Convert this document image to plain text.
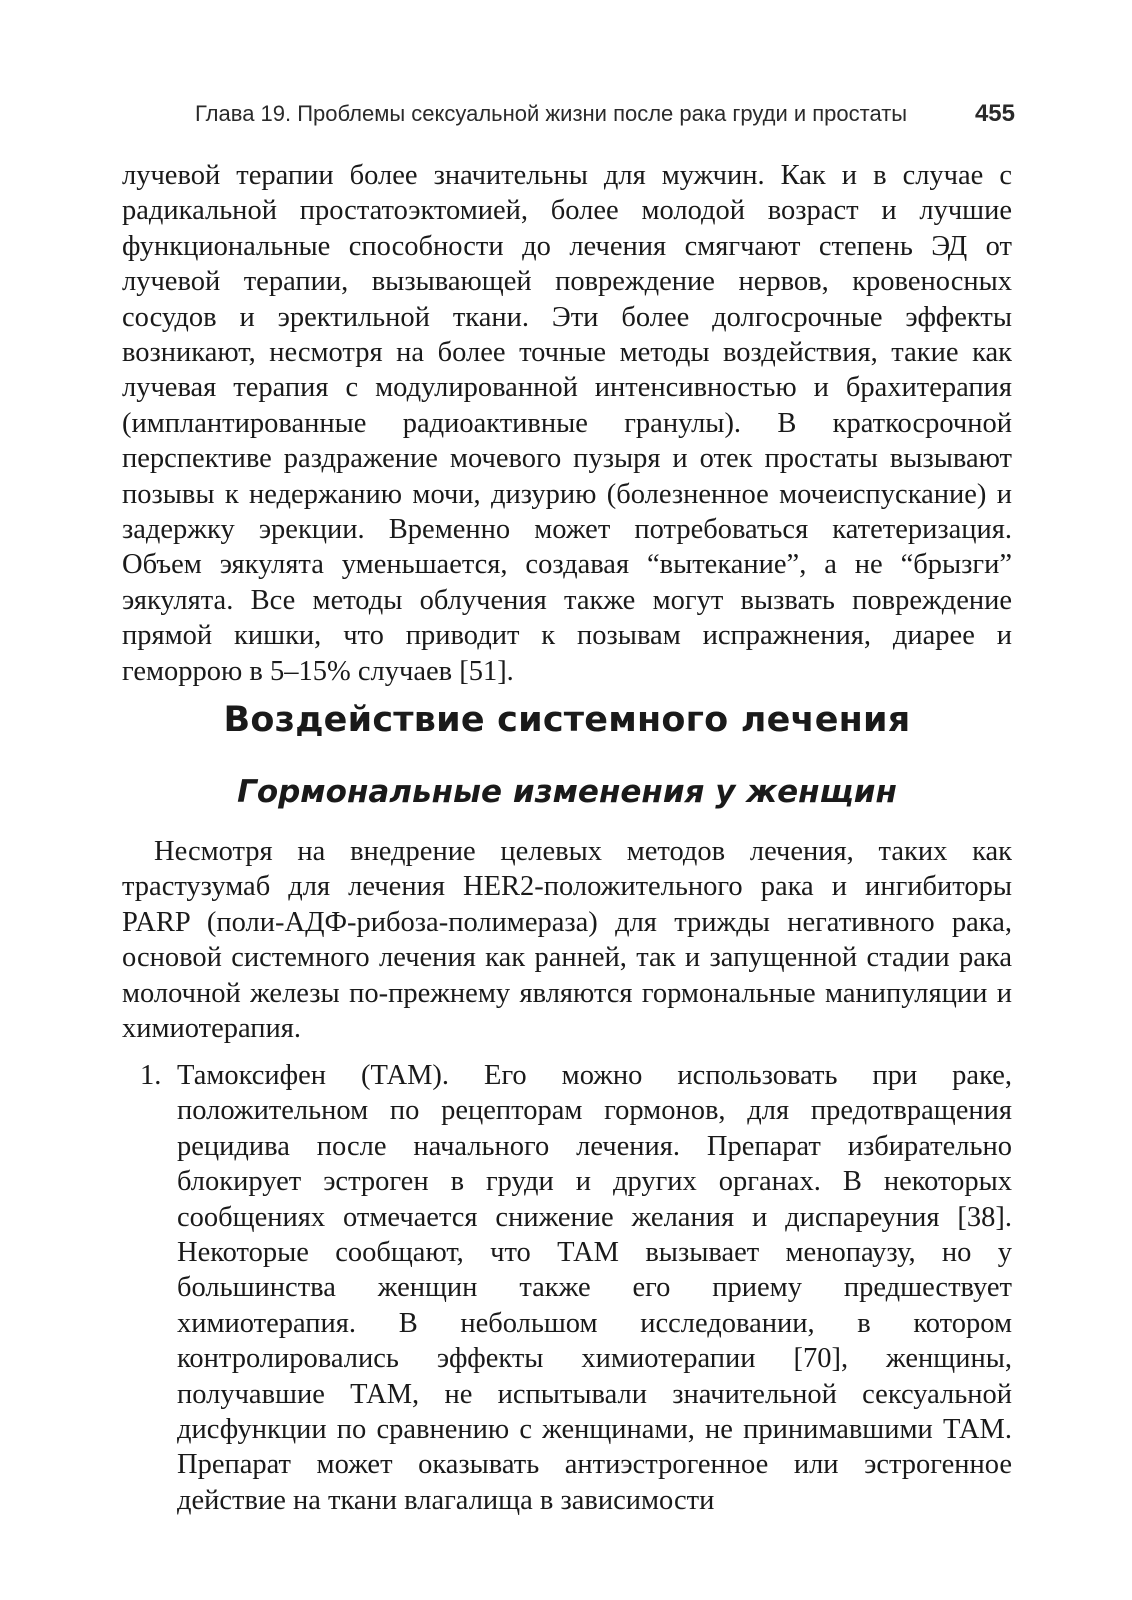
Глава 19. Проблемы сексуальной жизни после рака груди и простаты	455

лучевой терапии более значительны для мужчин. Как и в случае с радикальной простатоэктомией, более молодой возраст и лучшие функциональные способности до лечения смягчают степень ЭД от лучевой терапии, вызывающей повреждение нервов, кровеносных сосудов и эректильной ткани. Эти более долгосрочные эффекты возникают, несмотря на более точные методы воздействия, такие как лучевая терапия с модулированной интенсивностью и брахитерапия (имплантированные радиоактивные гранулы). В краткосрочной перспективе раздражение мочевого пузыря и отек простаты вызывают позывы к недержанию мочи, дизурию (болезненное мочеиспускание) и задержку эрекции. Временно может потребоваться катетеризация. Объем эякулята уменьшается, создавая “вытекание”, а не “брызги” эякулята. Все методы облучения также могут вызвать повреждение прямой кишки, что приводит к позывам испражнения, диарее и геморрою в 5–15% случаев [51].

Воздействие системного лечения
Гормональные изменения у женщин

Несмотря на внедрение целевых методов лечения, таких как трастузумаб для лечения HER2-положительного рака и ингибиторы PARP (поли-АДФ-рибоза-полимераза) для трижды негативного рака, основой системного лечения как ранней, так и запущенной стадии рака молочной железы по-прежнему являются гормональные манипуляции и химиотерапия.

1. Тамоксифен (ТАМ). Его можно использовать при раке, положительном по рецепторам гормонов, для предотвращения рецидива после начального лечения. Препарат избирательно блокирует эстроген в груди и других органах. В некоторых сообщениях отмечается снижение желания и диспареуния [38]. Некоторые сообщают, что ТАМ вызывает менопаузу, но у большинства женщин также его приему предшествует химиотерапия. В небольшом исследовании, в котором контролировались эффекты химиотерапии [70], женщины, получавшие ТАМ, не испытывали значительной сексуальной дисфункции по сравнению с женщинами, не принимавшими ТАМ. Препарат может оказывать антиэстрогенное или эстрогенное действие на ткани влагалища в зависимости
